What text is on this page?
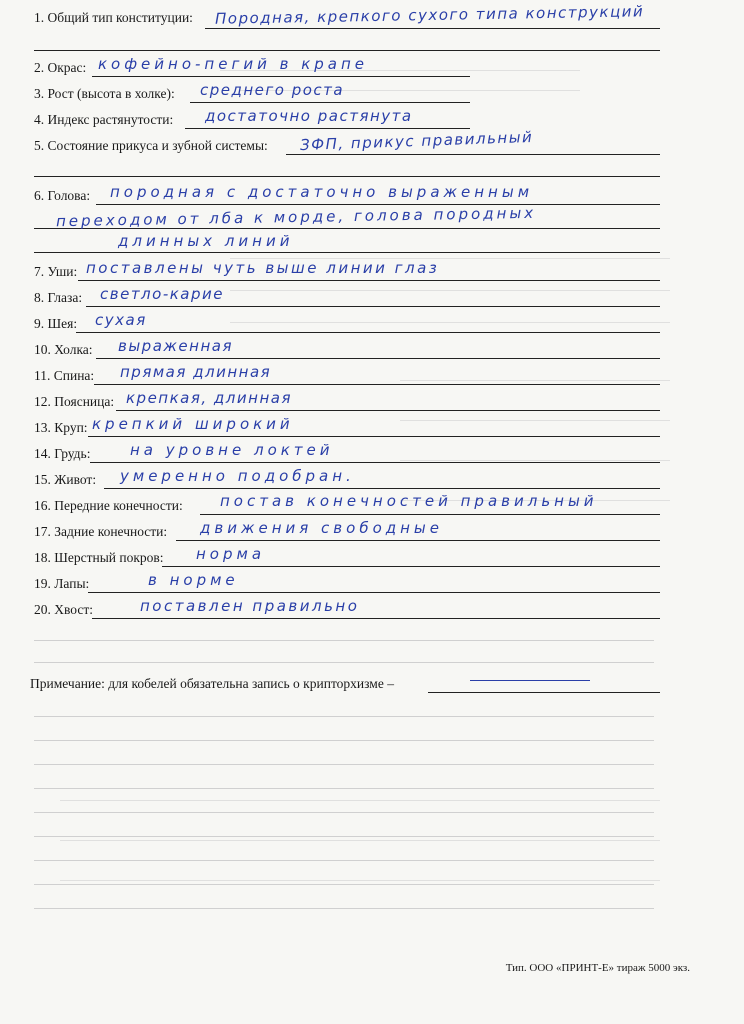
1. Общий тип конституции: Породная, крепкого сухого типа конструкций
2. Окрас: кофейно-пегий в крапе
3. Рост (высота в холке): среднего роста
4. Индекс растянутости: достаточно растянута
5. Состояние прикуса и зубной системы: ЗФП, прикус правильный
6. Голова: породная с достаточно выраженным
переходом от лба к морде, голова породных
длинных линий
7. Уши: поставлены чуть выше линии глаз
8. Глаза: светло-карие
9. Шея: сухая
10. Холка: выраженная
11. Спина: прямая длинная
12. Поясница: крепкая, длинная
13. Круп: крепкий широкий
14. Грудь:	на уровне локтей
15. Живот: умеренно подобран.
16. Передние конечности: постав конечностей правильный
17. Задние конечности: движения свободные
18. Шерстный покров: норма
19. Лапы:	в норме
20. Хвост:	поставлен правильно
Примечание: для кобелей обязательна запись о крипторхизме –
Тип. ООО «ПРИНТ-Е» тираж 5000 экз.
